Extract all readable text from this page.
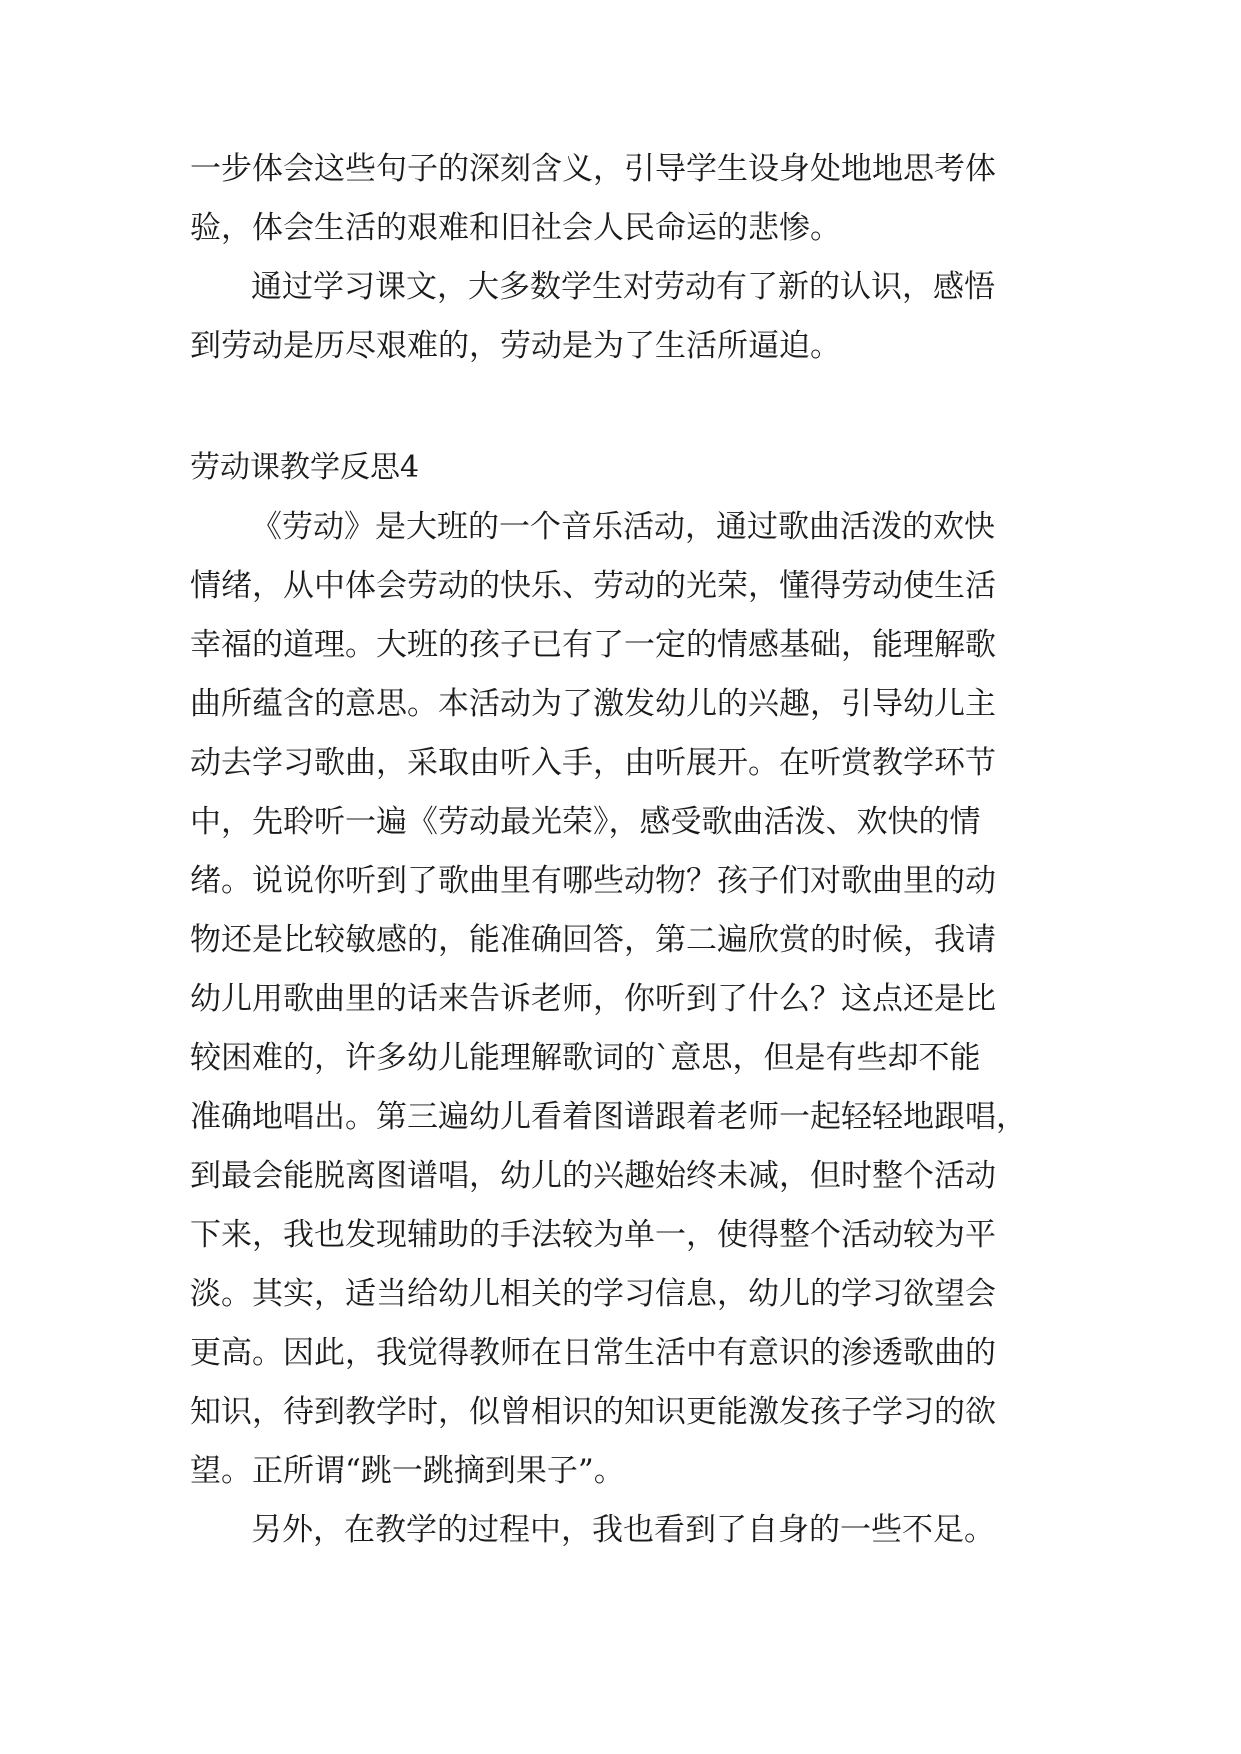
一步体会这些句子的深刻含义，引导学生设身处地地思考体
验，体会生活的艰难和旧社会人民命运的悲惨。
通过学习课文，大多数学生对劳动有了新的认识，感悟
到劳动是历尽艰难的，劳动是为了生活所逼迫。
劳动课教学反思4
《劳动》是大班的一个音乐活动，通过歌曲活泼的欢快
情绪，从中体会劳动的快乐、劳动的光荣，懂得劳动使生活
幸福的道理。大班的孩子已有了一定的情感基础，能理解歌
曲所蕴含的意思。本活动为了激发幼儿的兴趣，引导幼儿主
动去学习歌曲，采取由听入手，由听展开。在听赏教学环节
中，先聆听一遍《劳动最光荣》，感受歌曲活泼、欢快的情
绪。说说你听到了歌曲里有哪些动物？孩子们对歌曲里的动
物还是比较敏感的，能准确回答，第二遍欣赏的时候，我请
幼儿用歌曲里的话来告诉老师，你听到了什么？这点还是比
较困难的，许多幼儿能理解歌词的`意思，但是有些却不能
准确地唱出。第三遍幼儿看着图谱跟着老师一起轻轻地跟唱，
到最会能脱离图谱唱，幼儿的兴趣始终未减，但时整个活动
下来，我也发现辅助的手法较为单一，使得整个活动较为平
淡。其实，适当给幼儿相关的学习信息，幼儿的学习欲望会
更高。因此，我觉得教师在日常生活中有意识的渗透歌曲的
知识，待到教学时，似曾相识的知识更能激发孩子学习的欲
望。正所谓“跳一跳摘到果子”。
另外，在教学的过程中，我也看到了自身的一些不足。
